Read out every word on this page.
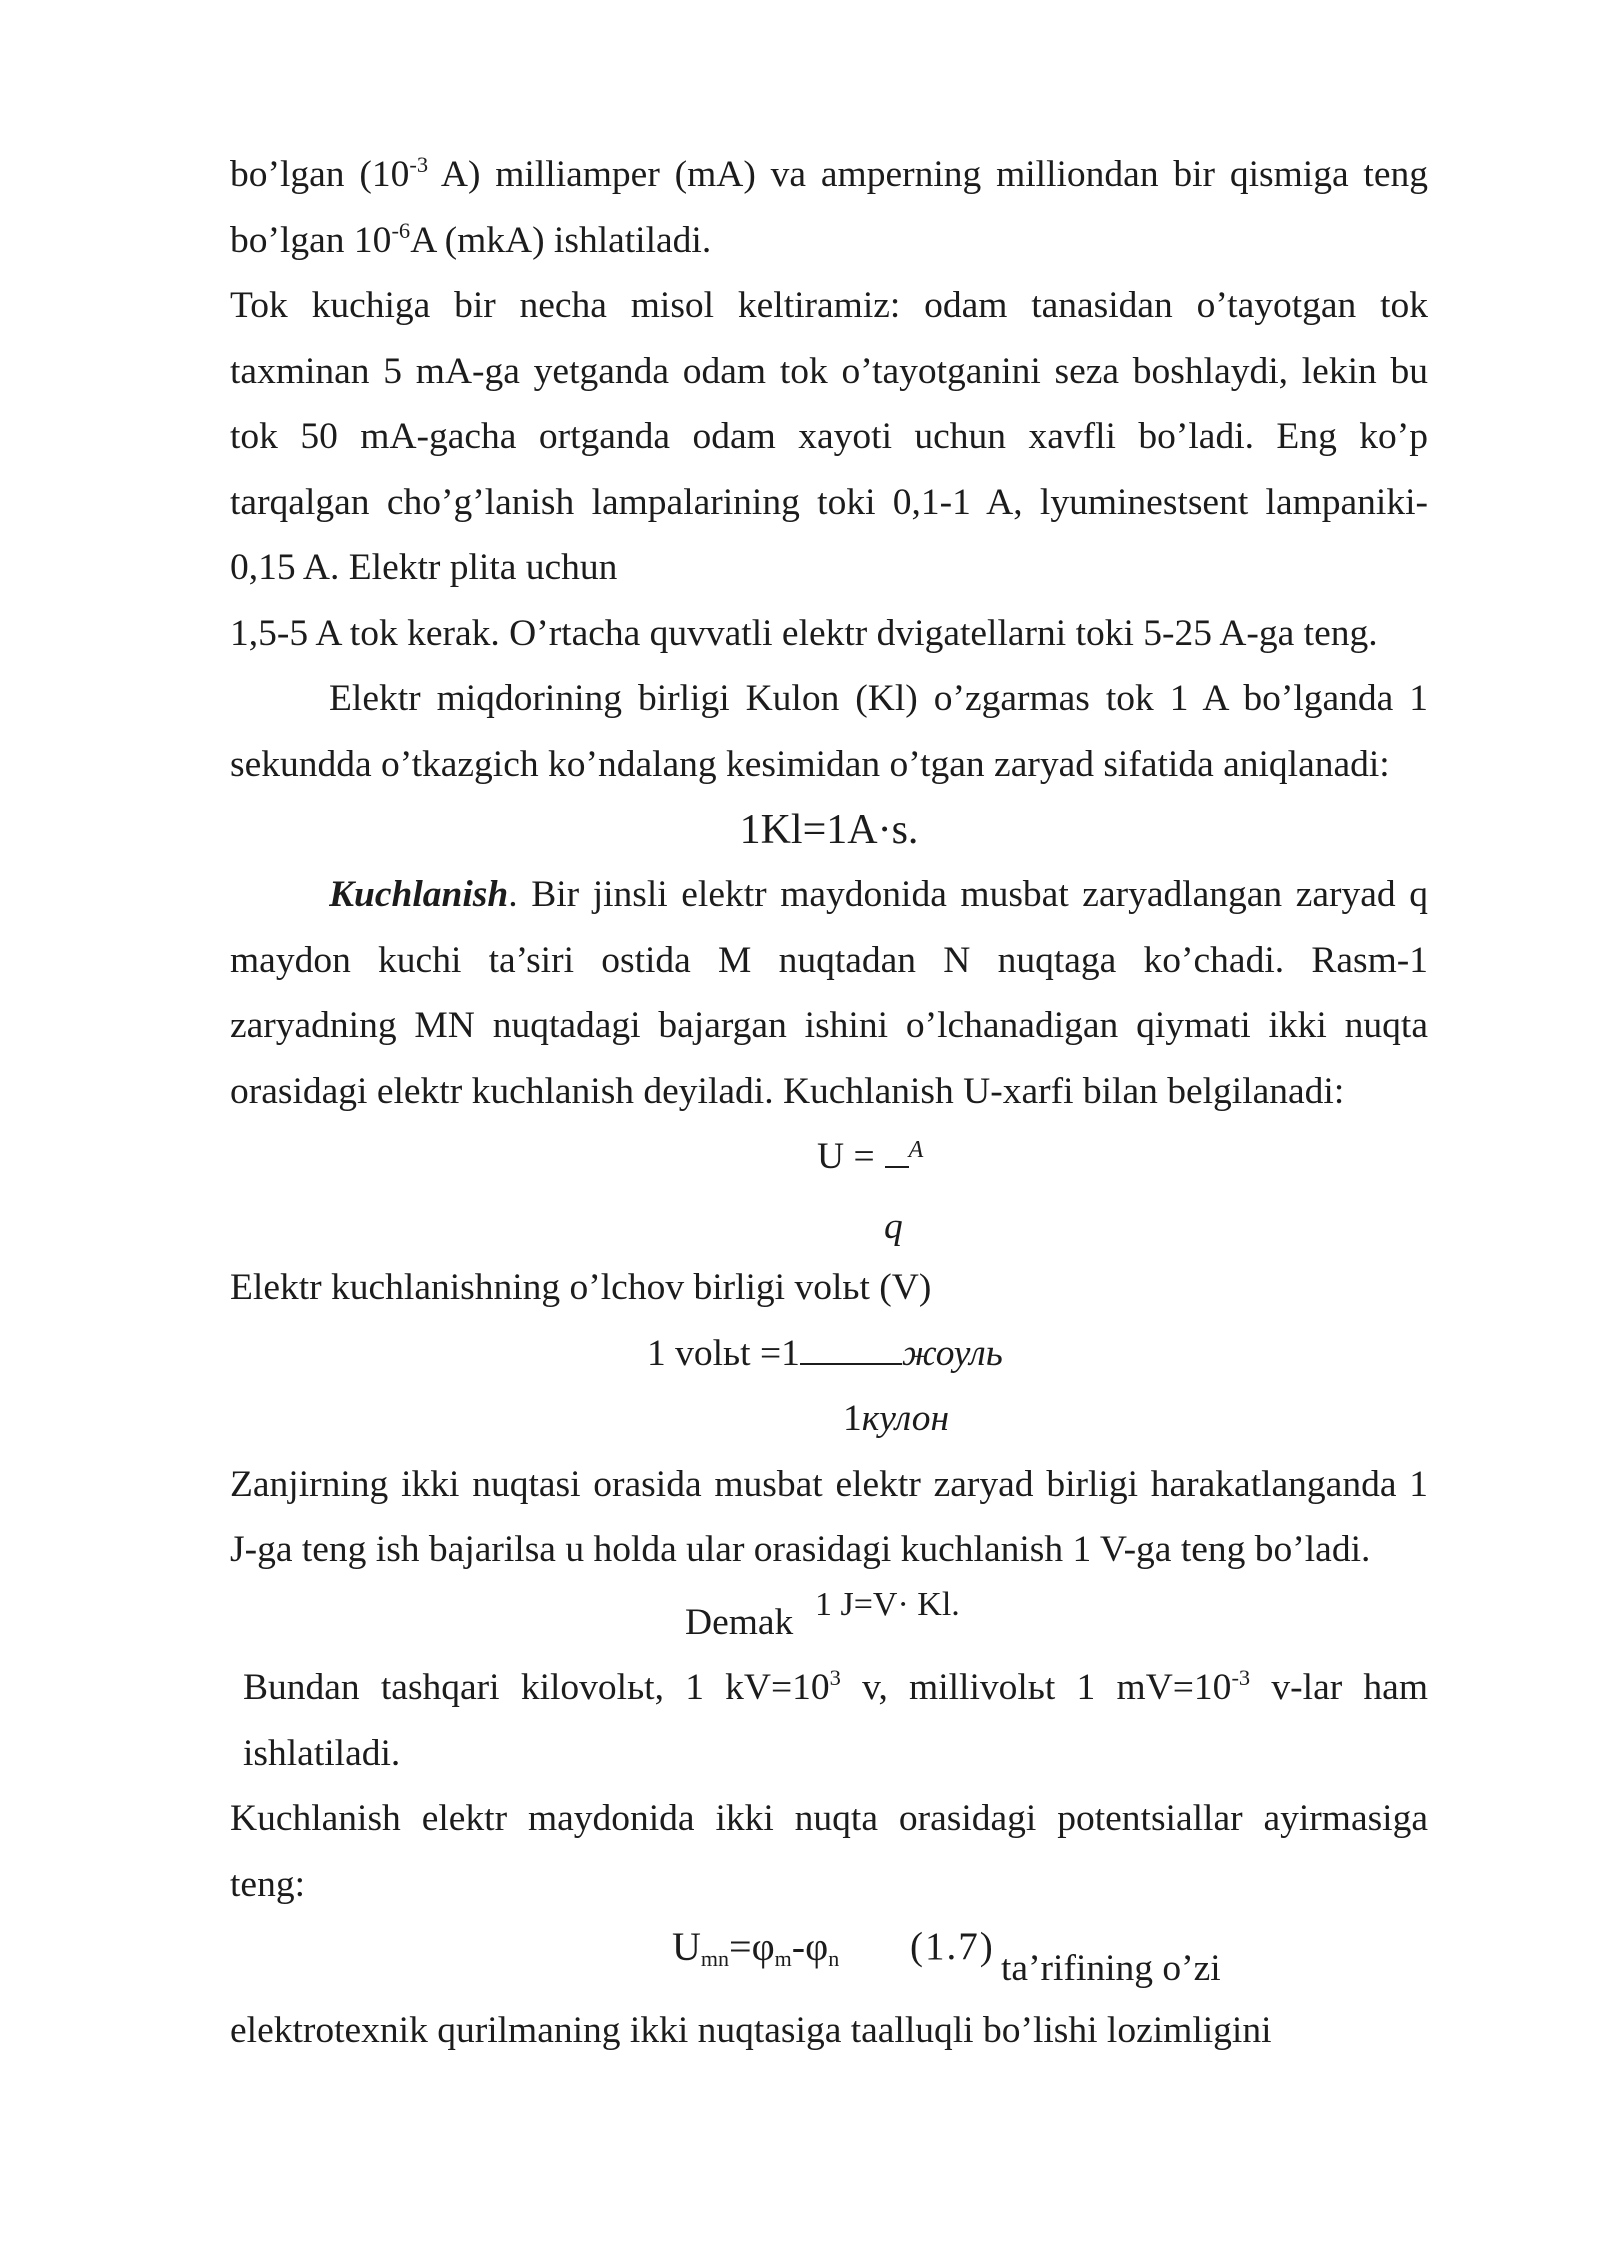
bo’lgan ($10^{-3}$ A) milliamper (mA) va amperning milliondan bir qismiga teng
bo’lgan $10^{-6}A$ (mkA) ishlatiladi.
Tok kuchiga bir necha misol keltiramiz: odam tanasidan o’tayotgan tok
taxminan 5 mA-ga yetganda odam tok o’tayotganini seza boshlaydi, lekin bu
tok 50 mA-gacha ortganda odam xayoti uchun xavfli bo’ladi. Eng ko’p
tarqalgan cho’g’lanish lampalarining toki 0,1-1 A, lyuminestsent lampaniki-
0,15 A. Elektr plita uchun
1,5-5 A tok kerak. O’rtacha quvvatli elektr dvigatellarni toki 5-25 A-ga teng.
Elektr miqdorining birligi Kulon (Kl) o’zgarmas tok 1 A bo’lganda 1
sekundda o’tkazgich ko’ndalang kesimidan o’tgan zaryad sifatida aniqlanadi:
1Kl=1A·s.
Kuchlanish. Bir jinsli elektr maydonida musbat zaryadlangan zaryad q
maydon kuchi ta’siri ostida M nuqtadan N nuqtaga ko’chadi. Rasm-1
zaryadning MN nuqtadagi bajargan ishini o’lchanadigan qiymati ikki nuqta
orasidagi elektr kuchlanish deyiladi. Kuchlanish U-xarfi bilan belgilanadi:
U = $^A$
q
Elektr kuchlanishning o’lchov birligi volьt (V)
1 volьt =1	жоуль
1кулон
Zanjirning ikki nuqtasi orasida musbat elektr zaryad birligi harakatlanganda 1
J-ga teng ish bajarilsa u holda ular orasidagi kuchlanish 1 V-ga teng bo’ladi.
Demak 1 J=V· Kl.
Bundan tashqari kilovolьt, 1 $kV=10^3$ v, millivolьt 1 $mV=10^{-3}$ v-lar ham
ishlatiladi.
Kuchlanish elektr maydonida ikki nuqta orasidagi potentsiallar ayirmasiga
teng:
Umn=φm-φn (1.7)
ta’rifining o’zi
elektrotexnik qurilmaning ikki nuqtasiga taalluqli bo’lishi lozimligini
